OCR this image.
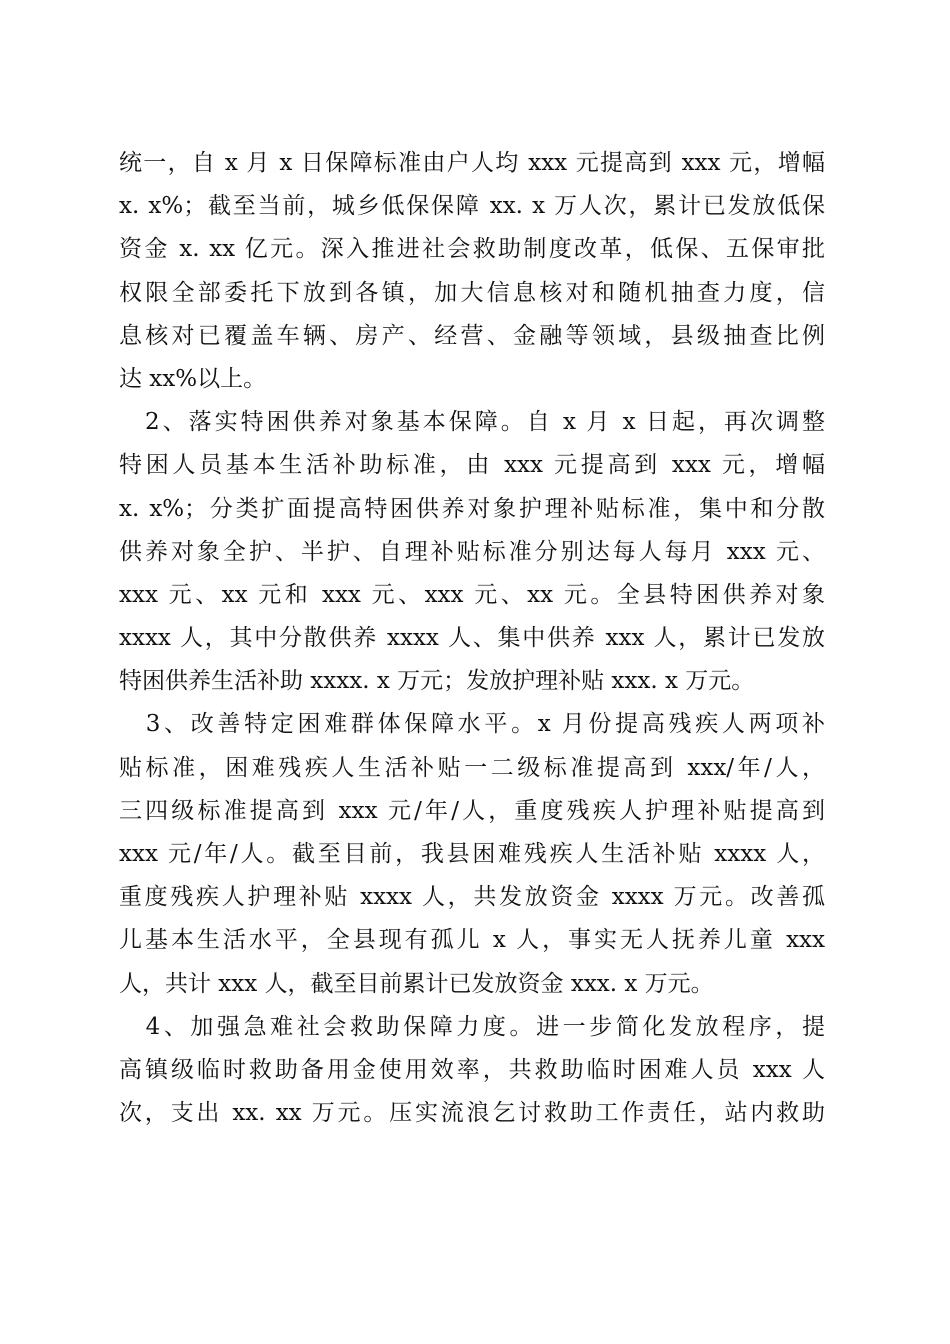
统一，自 x 月 x 日保障标准由户人均 xxx 元提高到 xxx 元，增幅
x. x%；截至当前，城乡低保保障 xx. x 万人次，累计已发放低保
资金 x. xx 亿元。深入推进社会救助制度改革，低保、五保审批
权限全部委托下放到各镇，加大信息核对和随机抽查力度，信
息核对已覆盖车辆、房产、经营、金融等领域，县级抽查比例
达 xx%以上。
　2、落实特困供养对象基本保障。自 x 月 x 日起，再次调整
特困人员基本生活补助标准，由 xxx 元提高到 xxx 元，增幅
x. x%；分类扩面提高特困供养对象护理补贴标准，集中和分散
供养对象全护、半护、自理补贴标准分别达每人每月 xxx 元、
xxx 元、xx 元和 xxx 元、xxx 元、xx 元。全县特困供养对象
xxxx 人，其中分散供养 xxxx 人、集中供养 xxx 人，累计已发放
特困供养生活补助 xxxx. x 万元；发放护理补贴 xxx. x 万元。
　3、改善特定困难群体保障水平。x 月份提高残疾人两项补
贴标准，困难残疾人生活补贴一二级标准提高到 xxx/年/人，
三四级标准提高到 xxx 元/年/人，重度残疾人护理补贴提高到
xxx 元/年/人。截至目前，我县困难残疾人生活补贴 xxxx 人，
重度残疾人护理补贴 xxxx 人，共发放资金 xxxx 万元。改善孤
儿基本生活水平，全县现有孤儿 x 人，事实无人抚养儿童 xxx
人，共计 xxx 人，截至目前累计已发放资金 xxx. x 万元。
　4、加强急难社会救助保障力度。进一步简化发放程序，提
高镇级临时救助备用金使用效率，共救助临时困难人员 xxx 人
次，支出 xx. xx 万元。压实流浪乞讨救助工作责任，站内救助
